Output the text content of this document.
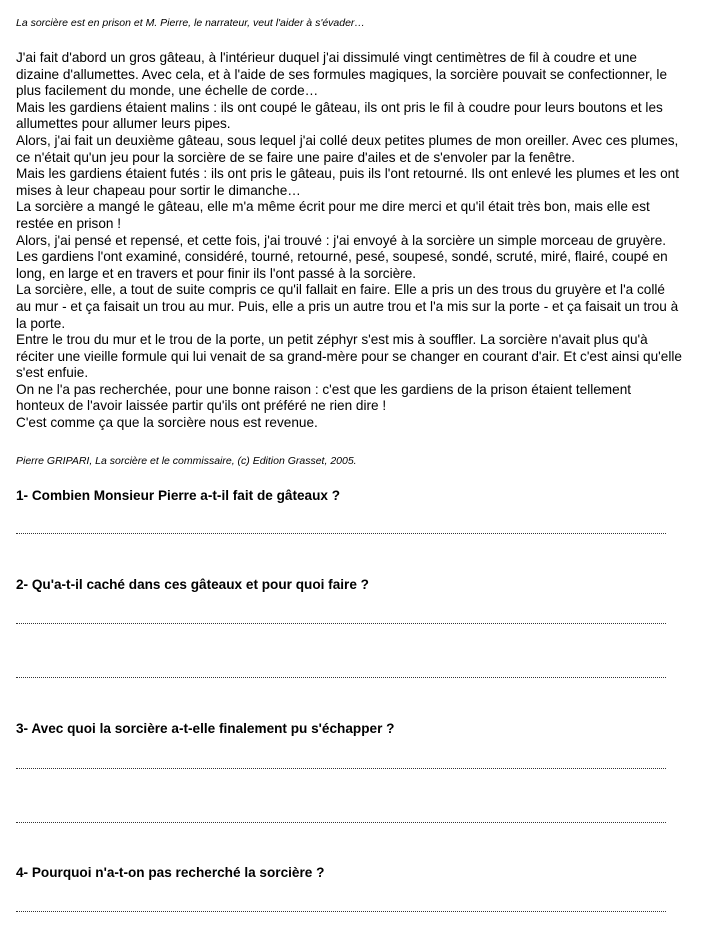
La sorcière est en prison et M. Pierre, le narrateur, veut l'aider à s'évader…

J'ai fait d'abord un gros gâteau, à l'intérieur duquel j'ai dissimulé vingt centimètres de fil à coudre et une dizaine d'allumettes. Avec cela, et à l'aide de ses formules magiques, la sorcière pouvait se confectionner, le plus facilement du monde, une échelle de corde…

Mais les gardiens étaient malins : ils ont coupé le gâteau, ils ont pris le fil à coudre pour leurs boutons et les allumettes pour allumer leurs pipes.

Alors, j'ai fait un deuxième gâteau, sous lequel j'ai collé deux petites plumes de mon oreiller. Avec ces plumes, ce n'était qu'un jeu pour la sorcière de se faire une paire d'ailes et de s'envoler par la fenêtre.

Mais les gardiens étaient futés : ils ont pris le gâteau, puis ils l'ont retourné. Ils ont enlevé les plumes et les ont mises à leur chapeau pour sortir le dimanche…

La sorcière a mangé le gâteau, elle m'a même écrit pour me dire merci et qu'il était très bon, mais elle est restée en prison !

Alors, j'ai pensé et repensé, et cette fois, j'ai trouvé : j'ai envoyé à la sorcière un simple morceau de gruyère. Les gardiens l'ont examiné, considéré, tourné, retourné, pesé, soupesé, sondé, scruté, miré, flairé, coupé en long, en large et en travers et pour finir ils l'ont passé à la sorcière.

La sorcière, elle, a tout de suite compris ce qu'il fallait en faire. Elle a pris un des trous du gruyère et l'a collé au mur - et ça faisait un trou au mur. Puis, elle a pris un autre trou et l'a mis sur la porte - et ça faisait un trou à la porte.

Entre le trou du mur et le trou de la porte, un petit zéphyr s'est mis à souffler. La sorcière n'avait plus qu'à réciter une vieille formule qui lui venait de sa grand-mère pour se changer en courant d'air. Et c'est ainsi qu'elle s'est enfuie.

On ne l'a pas recherchée, pour une bonne raison : c'est que les gardiens de la prison étaient tellement honteux de l'avoir laissée partir qu'ils ont préféré ne rien dire !

C'est comme ça que la sorcière nous est revenue.

Pierre GRIPARI, La sorcière et le commissaire, (c) Edition Grasset, 2005.
1- Combien Monsieur Pierre a-t-il fait de gâteaux ?
2- Qu'a-t-il caché dans ces gâteaux et pour quoi faire ?
3- Avec quoi la sorcière a-t-elle finalement pu s'échapper ?
4- Pourquoi n'a-t-on pas recherché la sorcière ?
